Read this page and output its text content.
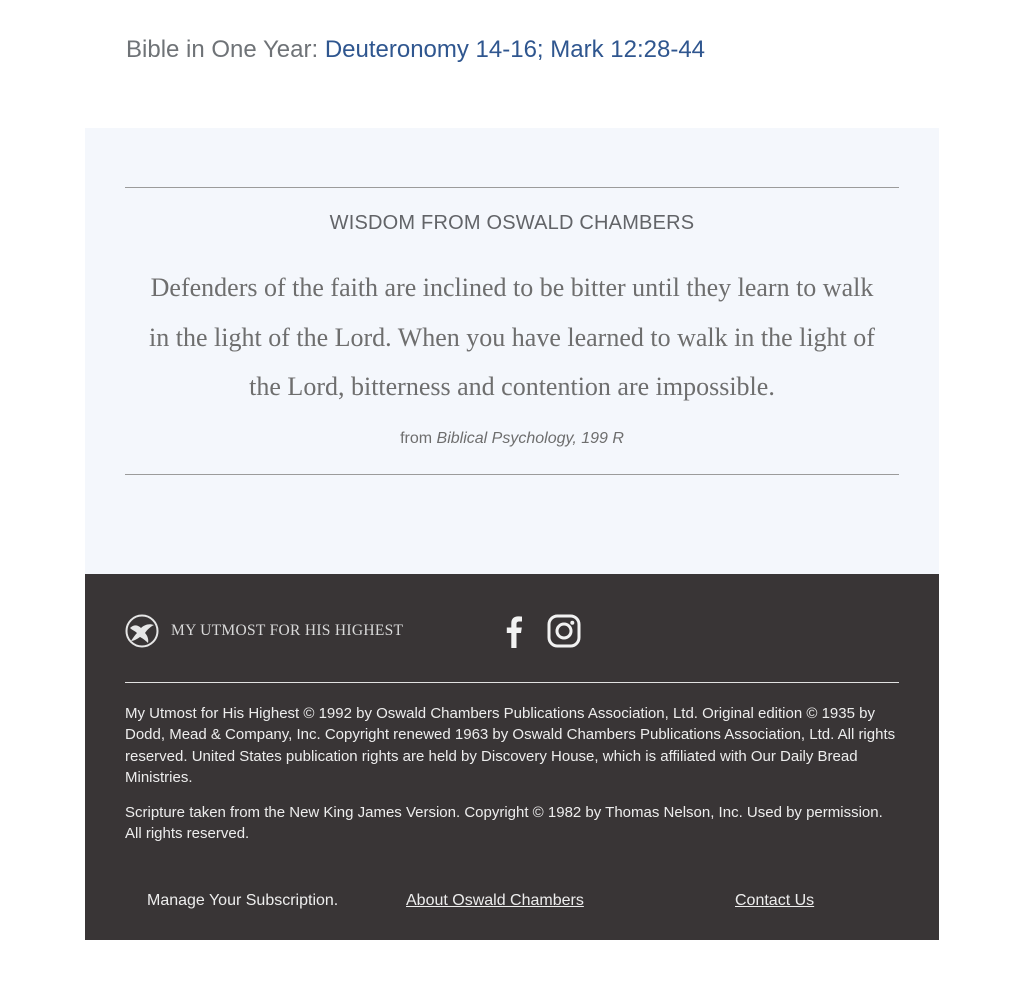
Bible in One Year: Deuteronomy 14-16; Mark 12:28-44
WISDOM FROM OSWALD CHAMBERS
Defenders of the faith are inclined to be bitter until they learn to walk in the light of the Lord. When you have learned to walk in the light of the Lord, bitterness and contention are impossible.
from Biblical Psychology, 199 R
MY UTMOST FOR HIS HIGHEST

My Utmost for His Highest © 1992 by Oswald Chambers Publications Association, Ltd. Original edition © 1935 by Dodd, Mead & Company, Inc. Copyright renewed 1963 by Oswald Chambers Publications Association, Ltd. All rights reserved. United States publication rights are held by Discovery House, which is affiliated with Our Daily Bread Ministries.

Scripture taken from the New King James Version. Copyright © 1982 by Thomas Nelson, Inc. Used by permission. All rights reserved.

Manage Your Subscription.	About Oswald Chambers	Contact Us
